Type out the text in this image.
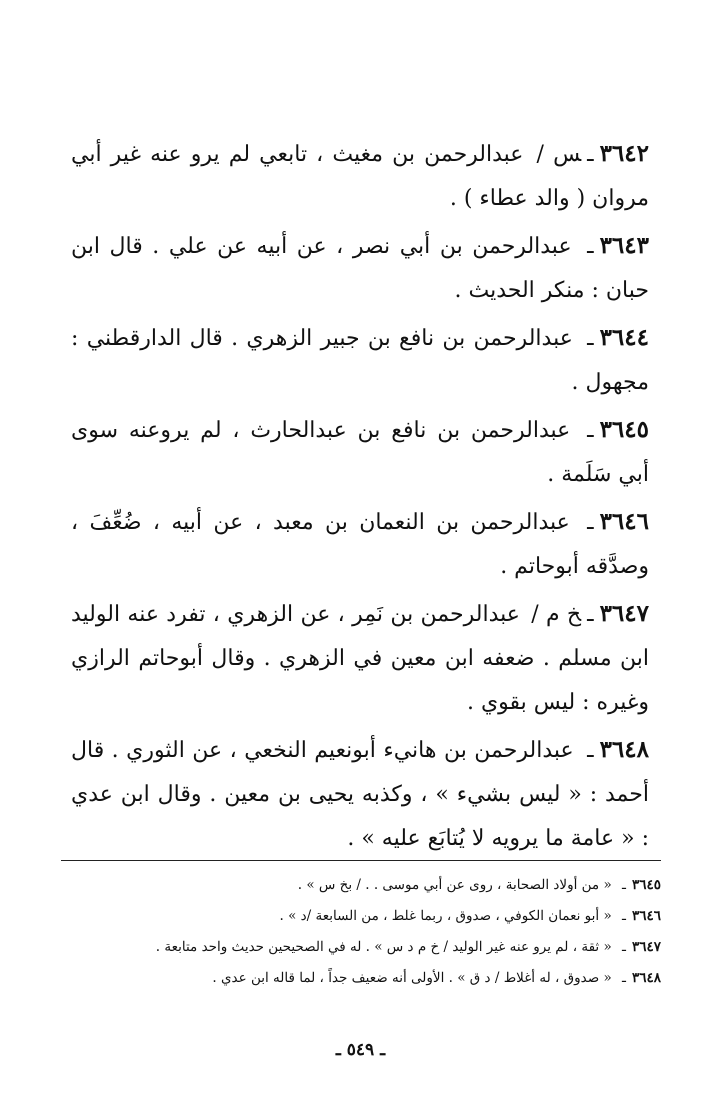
٣٦٤٢ـس / عبدالرحمن بن مغيث ، تابعي لم يرو عنه غير أبي مروان ( والد عطاء ) .

٣٦٤٣ـ عبدالرحمن بن أبي نصر ، عن أبيه عن علي . قال ابن حبان : منكر الحديث .

٣٦٤٤ـ عبدالرحمن بن نافع بن جبير الزهري . قال الدارقطني : مجهول .

٣٦٤٥ـ عبدالرحمن بن نافع بن عبدالحارث ، لم يروعنه سوى أبي سَلَمة .

٣٦٤٦ـ عبدالرحمن بن النعمان بن معبد ، عن أبيه ، ضُعِّفَ ، وصدَّقه أبوحاتم .

٣٦٤٧ـخ م / عبدالرحمن بن نَمِر ، عن الزهري ، تفرد عنه الوليد ابن مسلم . ضعفه ابن معين في الزهري . وقال أبوحاتم الرازي وغيره : ليس بقوي .

٣٦٤٨ـ عبدالرحمن بن هانيء أبونعيم النخعي ، عن الثوري . قال أحمد : « ليس بشيء » ، وكذبه يحيى بن معين . وقال ابن عدي : « عامة ما يرويه لا يُتابَع عليه » .

٣٦٤٥ـ « من أولاد الصحابة ، روى عن أبي موسى . . / بخ س » .

٣٦٤٦ـ « أبو نعمان الكوفي ، صدوق ، ربما غلط ، من السابعة /د » .

٣٦٤٧ـ « ثقة ، لم يرو عنه غير الوليد / خ م د س » . له في الصحيحين حديث واحد متابعة .

٣٦٤٨ـ « صدوق ، له أغلاط / د ق » . الأولى أنه ضعيف جداً ، لما قاله ابن عدي .

ـ ٥٤٩ ـ
